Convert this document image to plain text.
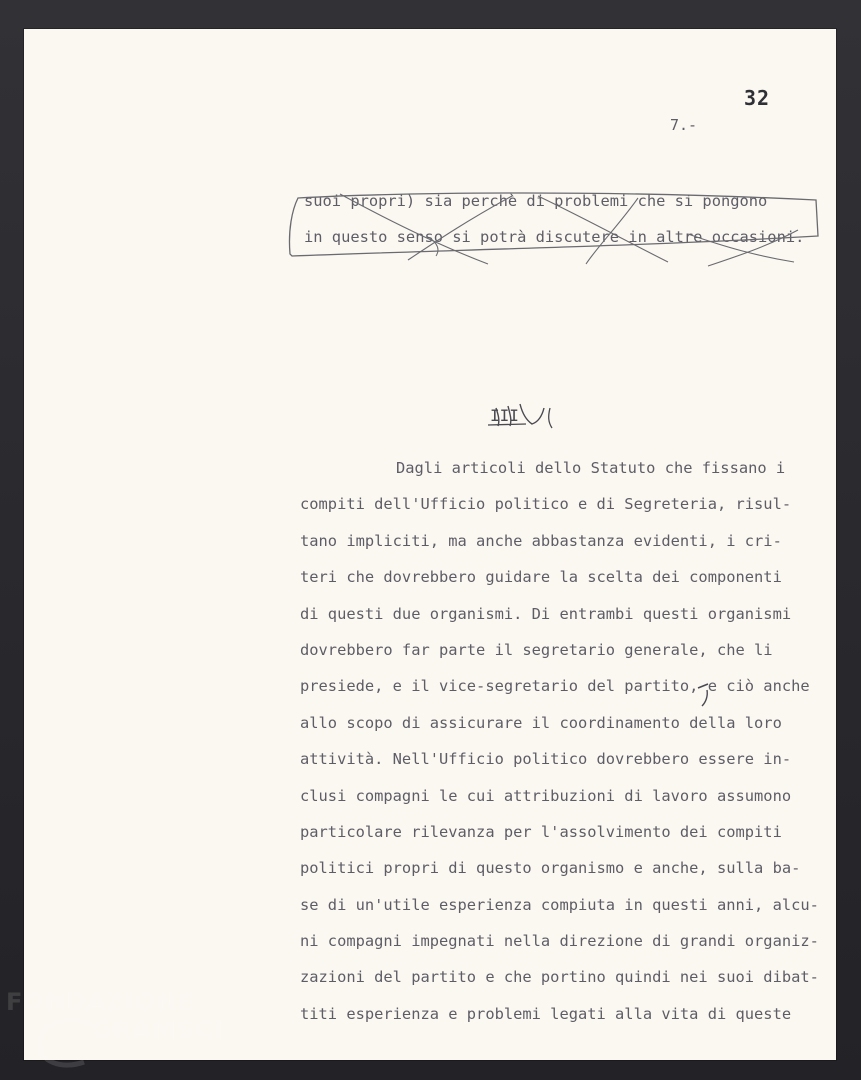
32
7.-
suoi propri) sia perchè di problemi che si pongono
in questo senso si potrà discutere in altre occasioni.
III
Dagli articoli dello Statuto che fissano i
compiti dell'Ufficio politico e di Segreteria, risul-
tano impliciti, ma anche abbastanza evidenti, i cri-
teri che dovrebbero guidare la scelta dei componenti
di questi due organismi. Di entrambi questi organismi
dovrebbero far parte il segretario generale, che li
presiede, e il vice-segretario del partito, e ciò anche
allo scopo di assicurare il coordinamento della loro
attività. Nell'Ufficio politico dovrebbero essere in-
clusi compagni le cui attribuzioni di lavoro assumono
particolare rilevanza per l'assolvimento dei compiti
politici propri di questo organismo e anche, sulla ba-
se di un'utile esperienza compiuta in questi anni, alcu-
ni compagni impegnati nella direzione di grandi organiz-
zazioni del partito e che portino quindi nei suoi dibat-
titi esperienza e problemi legati alla vita di queste
FONDAZIONE
GRAMSCI
